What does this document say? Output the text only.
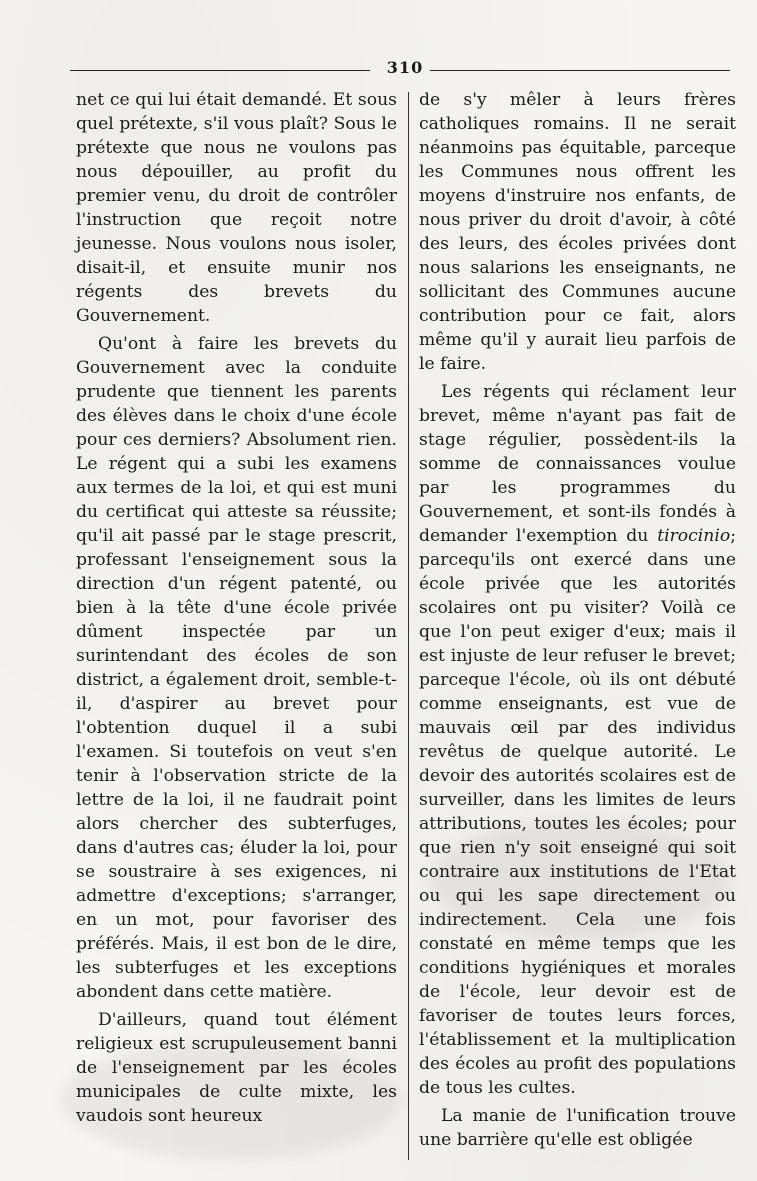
310

net ce qui lui était demandé. Et sous quel prétexte, s'il vous plaît? Sous le prétexte que nous ne voulons pas nous dépouiller, au profit du premier venu, du droit de contrôler l'instruction que reçoit notre jeunesse. Nous voulons nous isoler, disait-il, et ensuite munir nos régents des brevets du Gouvernement.

Qu'ont à faire les brevets du Gouvernement avec la conduite prudente que tiennent les parents des élèves dans le choix d'une école pour ces derniers? Absolument rien. Le régent qui a subi les examens aux termes de la loi, et qui est muni du certificat qui atteste sa réussite; qu'il ait passé par le stage prescrit, professant l'enseignement sous la direction d'un régent patenté, ou bien à la tête d'une école privée dûment inspectée par un surintendant des écoles de son district, a également droit, semble-t-il, d'aspirer au brevet pour l'obtention duquel il a subi l'examen. Si toutefois on veut s'en tenir à l'observation stricte de la lettre de la loi, il ne faudrait point alors chercher des subterfuges, dans d'autres cas; éluder la loi, pour se soustraire à ses exigences, ni admettre d'exceptions; s'arranger, en un mot, pour favoriser des préférés. Mais, il est bon de le dire, les subterfuges et les exceptions abondent dans cette matière.

D'ailleurs, quand tout élément religieux est scrupuleusement banni de l'enseignement par les écoles municipales de culte mixte, les vaudois sont heureux

de s'y mêler à leurs frères catholiques romains. Il ne serait néanmoins pas équitable, parceque les Communes nous offrent les moyens d'instruire nos enfants, de nous priver du droit d'avoir, à côté des leurs, des écoles privées dont nous salarions les enseignants, ne sollicitant des Communes aucune contribution pour ce fait, alors même qu'il y aurait lieu parfois de le faire.

Les régents qui réclament leur brevet, même n'ayant pas fait de stage régulier, possèdent-ils la somme de connaissances voulue par les programmes du Gouvernement, et sont-ils fondés à demander l'exemption du tirocinio; parcequ'ils ont exercé dans une école privée que les autorités scolaires ont pu visiter? Voilà ce que l'on peut exiger d'eux; mais il est injuste de leur refuser le brevet; parceque l'école, où ils ont débuté comme enseignants, est vue de mauvais œil par des individus revêtus de quelque autorité. Le devoir des autorités scolaires est de surveiller, dans les limites de leurs attributions, toutes les écoles; pour que rien n'y soit enseigné qui soit contraire aux institutions de l'Etat ou qui les sape directement ou indirectement. Cela une fois constaté en même temps que les conditions hygiéniques et morales de l'école, leur devoir est de favoriser de toutes leurs forces, l'établissement et la multiplication des écoles au profit des populations de tous les cultes.

La manie de l'unification trouve une barrière qu'elle est obligée
